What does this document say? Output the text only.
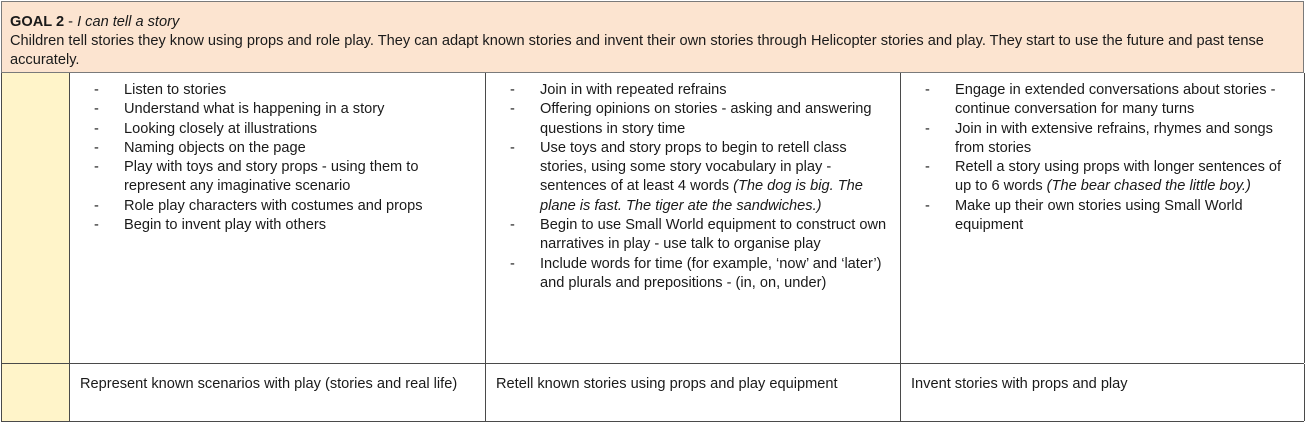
GOAL 2 - I can tell a story
Children tell stories they know using props and role play. They can adapt known stories and invent their own stories through Helicopter stories and play. They start to use the future and past tense accurately.
- Listen to stories
- Understand what is happening in a story
- Looking closely at illustrations
- Naming objects on the page
- Play with toys and story props - using them to represent any imaginative scenario
- Role play characters with costumes and props
- Begin to invent play with others
- Join in with repeated refrains
- Offering opinions on stories - asking and answering questions in story time
- Use toys and story props to begin to retell class stories, using some story vocabulary in play - sentences of at least 4 words (The dog is big. The plane is fast. The tiger ate the sandwiches.)
- Begin to use Small World equipment to construct own narratives in play - use talk to organise play
- Include words for time (for example, ‘now’ and ‘later’) and plurals and prepositions - (in, on, under)
- Engage in extended conversations about stories - continue conversation for many turns
- Join in with extensive refrains, rhymes and songs from stories
- Retell a story using props with longer sentences of up to 6 words (The bear chased the little boy.)
- Make up their own stories using Small World equipment
Represent known scenarios with play (stories and real life)	Retell known stories using props and play equipment	Invent stories with props and play
